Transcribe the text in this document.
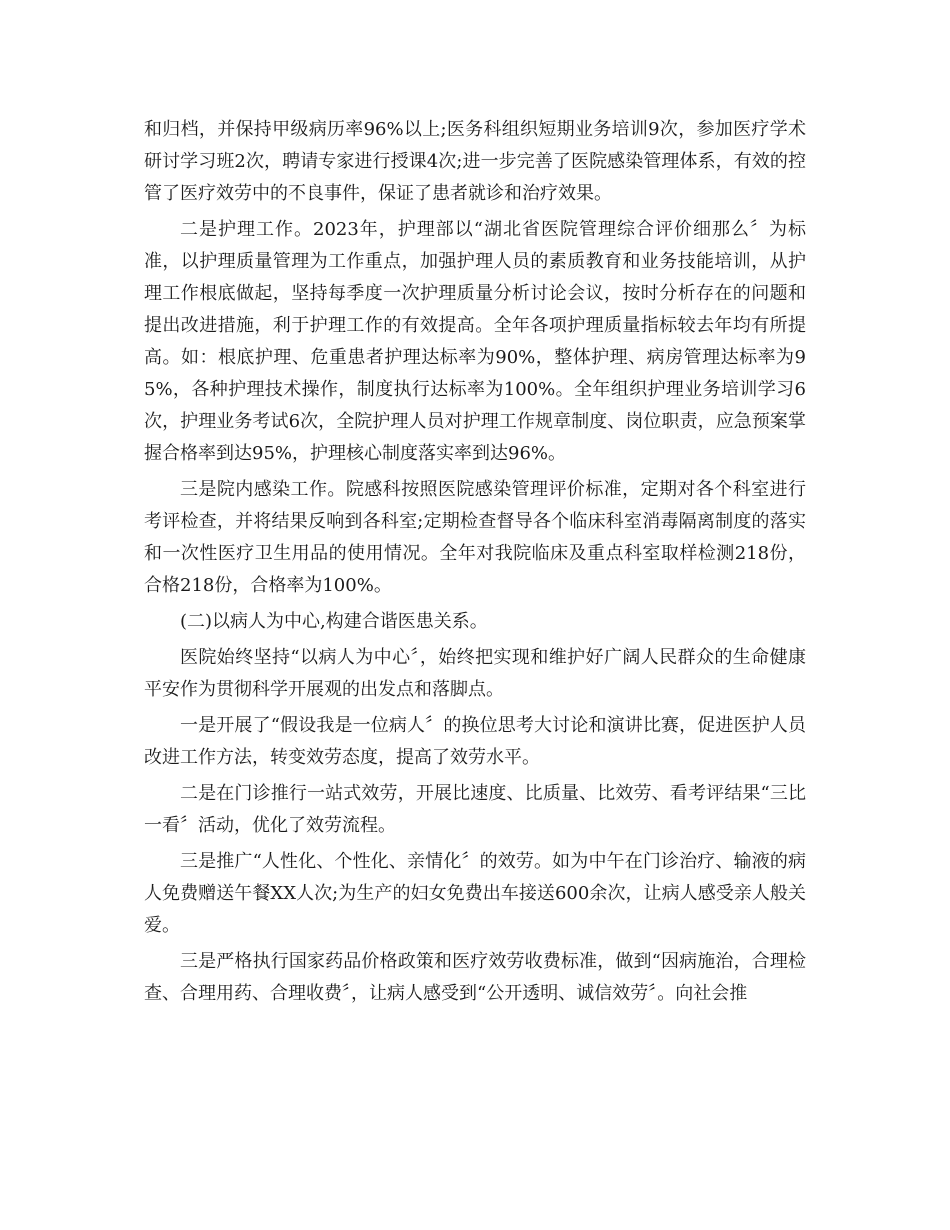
和归档，并保持甲级病历率96%以上;医务科组织短期业务培训9次，参加医疗学术研讨学习班2次，聘请专家进行授课4次;进一步完善了医院感染管理体系，有效的控管了医疗效劳中的不良事件，保证了患者就诊和治疗效果。

二是护理工作。2023年，护理部以“湖北省医院管理综合评价细那么〞为标准，以护理质量管理为工作重点，加强护理人员的素质教育和业务技能培训，从护理工作根底做起，坚持每季度一次护理质量分析讨论会议，按时分析存在的问题和提出改进措施，利于护理工作的有效提高。全年各项护理质量指标较去年均有所提高。如：根底护理、危重患者护理达标率为90%，整体护理、病房管理达标率为95%，各种护理技术操作，制度执行达标率为100%。全年组织护理业务培训学习6次，护理业务考试6次，全院护理人员对护理工作规章制度、岗位职责，应急预案掌握合格率到达95%，护理核心制度落实率到达96%。

三是院内感染工作。院感科按照医院感染管理评价标准，定期对各个科室进行考评检查，并将结果反响到各科室;定期检查督导各个临床科室消毒隔离制度的落实和一次性医疗卫生用品的使用情况。全年对我院临床及重点科室取样检测218份，合格218份，合格率为100%。

(二)以病人为中心,构建合谐医患关系。

医院始终坚持“以病人为中心〞，始终把实现和维护好广阔人民群众的生命健康平安作为贯彻科学开展观的出发点和落脚点。

一是开展了“假设我是一位病人〞的换位思考大讨论和演讲比赛，促进医护人员改进工作方法，转变效劳态度，提高了效劳水平。

二是在门诊推行一站式效劳，开展比速度、比质量、比效劳、看考评结果“三比一看〞活动，优化了效劳流程。

三是推广“人性化、个性化、亲情化〞的效劳。如为中午在门诊治疗、输液的病人免费赠送午餐XX人次;为生产的妇女免费出车接送600余次，让病人感受亲人般关爱。

三是严格执行国家药品价格政策和医疗效劳收费标准，做到“因病施治，合理检查、合理用药、合理收费〞，让病人感受到“公开透明、诚信效劳〞。向社会推
